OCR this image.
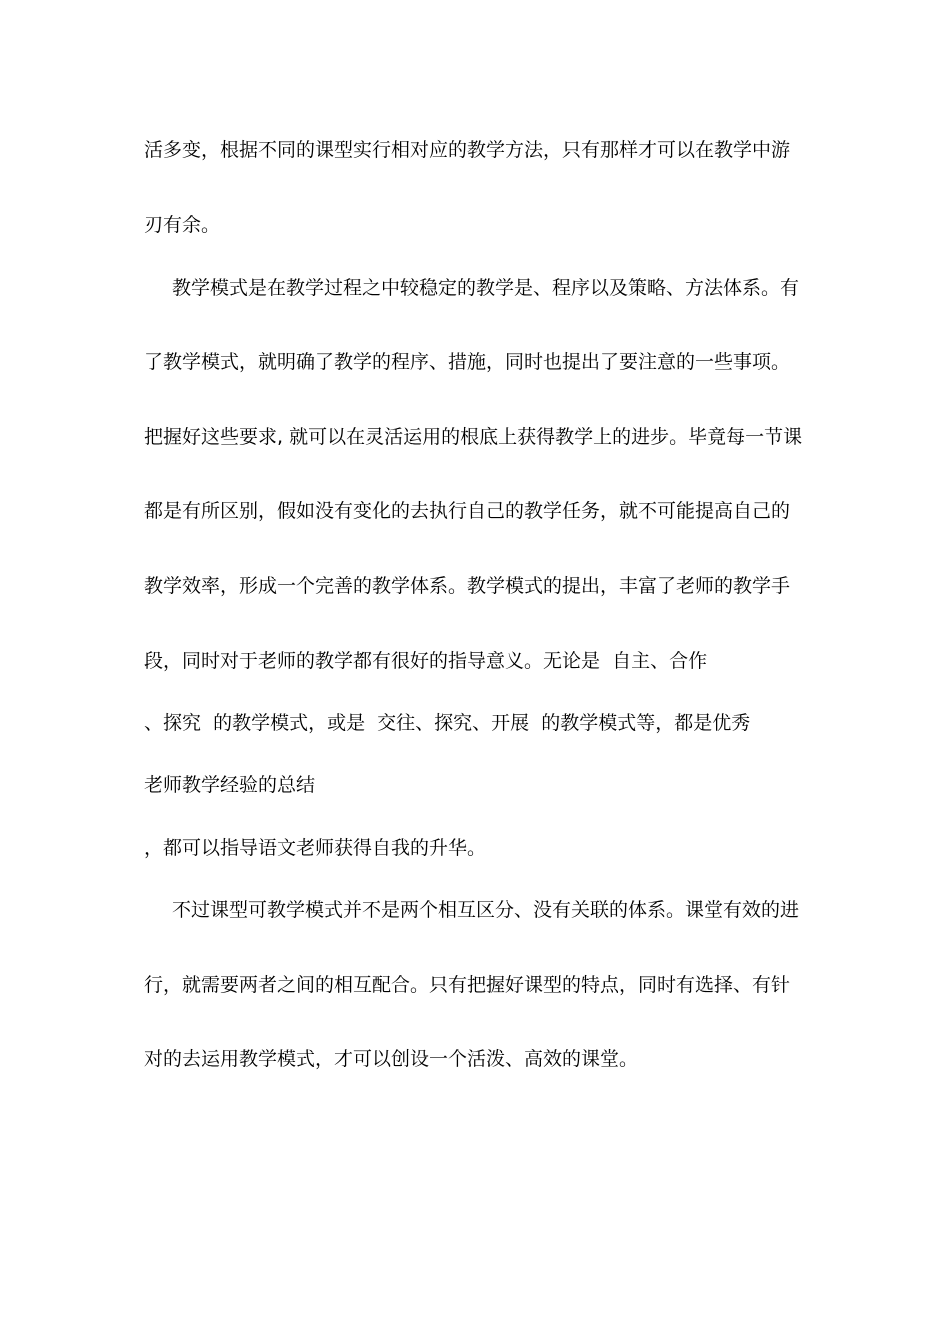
活多变，根据不同的课型实行相对应的教学方法，只有那样才可以在教学中游
刃有余。
教学模式是在教学过程之中较稳定的教学是、程序以及策略、方法体系。有
了教学模式，就明确了教学的程序、措施，同时也提出了要注意的一些事项。
把握好这些要求, 就可以在灵活运用的根底上获得教学上的进步。毕竟每一节课
都是有所区别，假如没有变化的去执行自己的教学任务，就不可能提高自己的
教学效率，形成一个完善的教学体系。教学模式的提出，丰富了老师的教学手
段，同时对于老师的教学都有很好的指导意义。无论是  自主、合作
、探究  的教学模式，或是  交往、探究、开展  的教学模式等，都是优秀
老师教学经验的总结
，都可以指导语文老师获得自我的升华。
不过课型可教学模式并不是两个相互区分、没有关联的体系。课堂有效的进
行，就需要两者之间的相互配合。只有把握好课型的特点，同时有选择、有针
对的去运用教学模式，才可以创设一个活泼、高效的课堂。
